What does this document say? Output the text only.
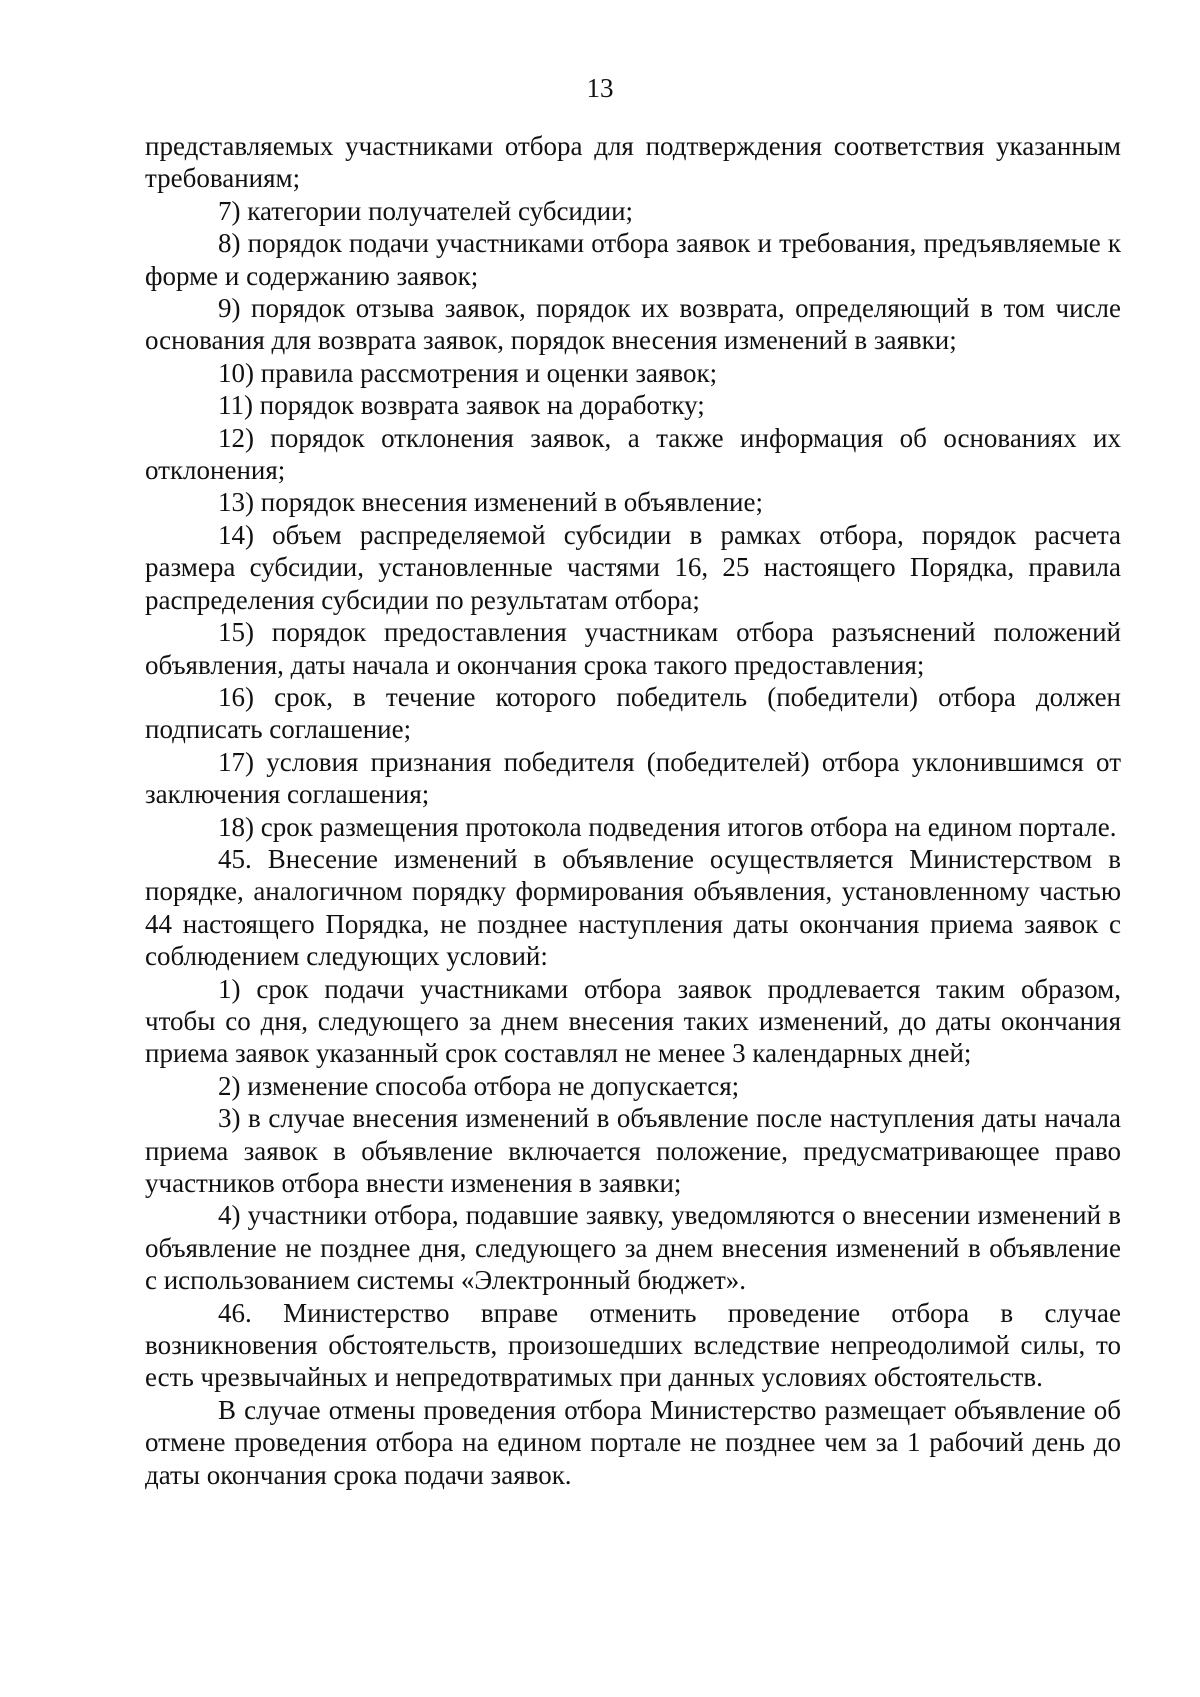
13

представляемых участниками отбора для подтверждения соответствия указанным требованиям;

7) категории получателей субсидии;

8) порядок подачи участниками отбора заявок и требования, предъявляемые к форме и содержанию заявок;

9) порядок отзыва заявок, порядок их возврата, определяющий в том числе основания для возврата заявок, порядок внесения изменений в заявки;

10) правила рассмотрения и оценки заявок;

11) порядок возврата заявок на доработку;

12) порядок отклонения заявок, а также информация об основаниях их отклонения;

13) порядок внесения изменений в объявление;

14) объем распределяемой субсидии в рамках отбора, порядок расчета размера субсидии, установленные частями 16, 25 настоящего Порядка, правила распределения субсидии по результатам отбора;

15) порядок предоставления участникам отбора разъяснений положений объявления, даты начала и окончания срока такого предоставления;

16) срок, в течение которого победитель (победители) отбора должен подписать соглашение;

17) условия признания победителя (победителей) отбора уклонившимся от заключения соглашения;

18) срок размещения протокола подведения итогов отбора на едином портале.

45. Внесение изменений в объявление осуществляется Министерством в порядке, аналогичном порядку формирования объявления, установленному частью 44 настоящего Порядка, не позднее наступления даты окончания приема заявок с соблюдением следующих условий:

1) срок подачи участниками отбора заявок продлевается таким образом, чтобы со дня, следующего за днем внесения таких изменений, до даты окончания приема заявок указанный срок составлял не менее 3 календарных дней;

2) изменение способа отбора не допускается;

3) в случае внесения изменений в объявление после наступления даты начала приема заявок в объявление включается положение, предусматривающее право участников отбора внести изменения в заявки;

4) участники отбора, подавшие заявку, уведомляются о внесении изменений в объявление не позднее дня, следующего за днем внесения изменений в объявление с использованием системы «Электронный бюджет».

46. Министерство вправе отменить проведение отбора в случае возникновения обстоятельств, произошедших вследствие непреодолимой силы, то есть чрезвычайных и непредотвратимых при данных условиях обстоятельств.

В случае отмены проведения отбора Министерство размещает объявление об отмене проведения отбора на едином портале не позднее чем за 1 рабочий день до даты окончания срока подачи заявок.
